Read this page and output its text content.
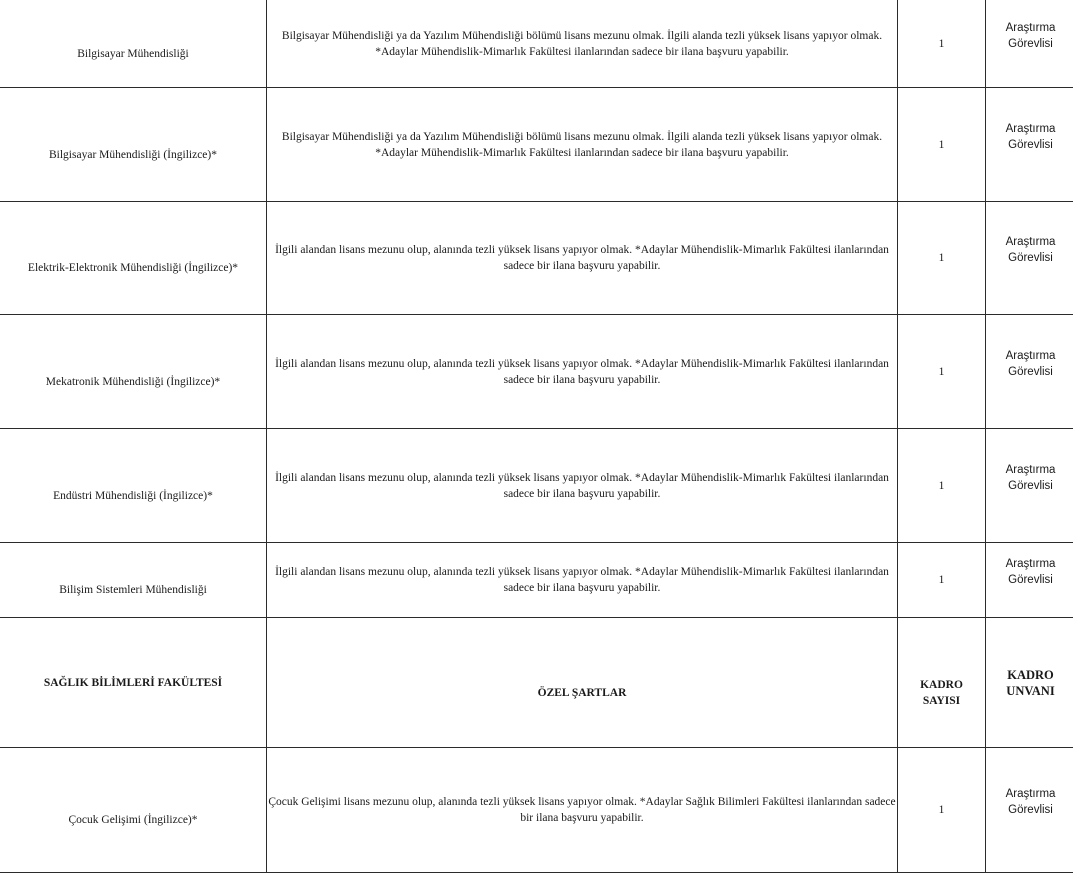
Bilgisayar Mühendisliği	Bilgisayar Mühendisliği ya da Yazılım Mühendisliği bölümü lisans mezunu olmak. İlgili alanda tezli yüksek lisans yapıyor olmak. *Adaylar Mühendislik-Mimarlık Fakültesi ilanlarından sadece bir ilana başvuru yapabilir.	1	Araştırma Görevlisi

Bilgisayar Mühendisliği (İngilizce)*	Bilgisayar Mühendisliği ya da Yazılım Mühendisliği bölümü lisans mezunu olmak. İlgili alanda tezli yüksek lisans yapıyor olmak. *Adaylar Mühendislik-Mimarlık Fakültesi ilanlarından sadece bir ilana başvuru yapabilir.	1	Araştırma Görevlisi

Elektrik-Elektronik Mühendisliği (İngilizce)*	İlgili alandan lisans mezunu olup, alanında tezli yüksek lisans yapıyor olmak. *Adaylar Mühendislik-Mimarlık Fakültesi ilanlarından sadece bir ilana başvuru yapabilir.	1	Araştırma Görevlisi

Mekatronik Mühendisliği (İngilizce)*	İlgili alandan lisans mezunu olup, alanında tezli yüksek lisans yapıyor olmak. *Adaylar Mühendislik-Mimarlık Fakültesi ilanlarından sadece bir ilana başvuru yapabilir.	1	Araştırma Görevlisi

Endüstri Mühendisliği (İngilizce)*	İlgili alandan lisans mezunu olup, alanında tezli yüksek lisans yapıyor olmak. *Adaylar Mühendislik-Mimarlık Fakültesi ilanlarından sadece bir ilana başvuru yapabilir.	1	Araştırma Görevlisi

Bilişim Sistemleri Mühendisliği	İlgili alandan lisans mezunu olup, alanında tezli yüksek lisans yapıyor olmak. *Adaylar Mühendislik-Mimarlık Fakültesi ilanlarından sadece bir ilana başvuru yapabilir.	1	Araştırma Görevlisi

SAĞLIK BİLİMLERİ FAKÜLTESİ	ÖZEL ŞARTLAR	KADRO SAYISI	KADRO UNVANI

Çocuk Gelişimi (İngilizce)*	Çocuk Gelişimi lisans mezunu olup, alanında tezli yüksek lisans yapıyor olmak. *Adaylar Sağlık Bilimleri Fakültesi ilanlarından sadece bir ilana başvuru yapabilir.	1	Araştırma Görevlisi
